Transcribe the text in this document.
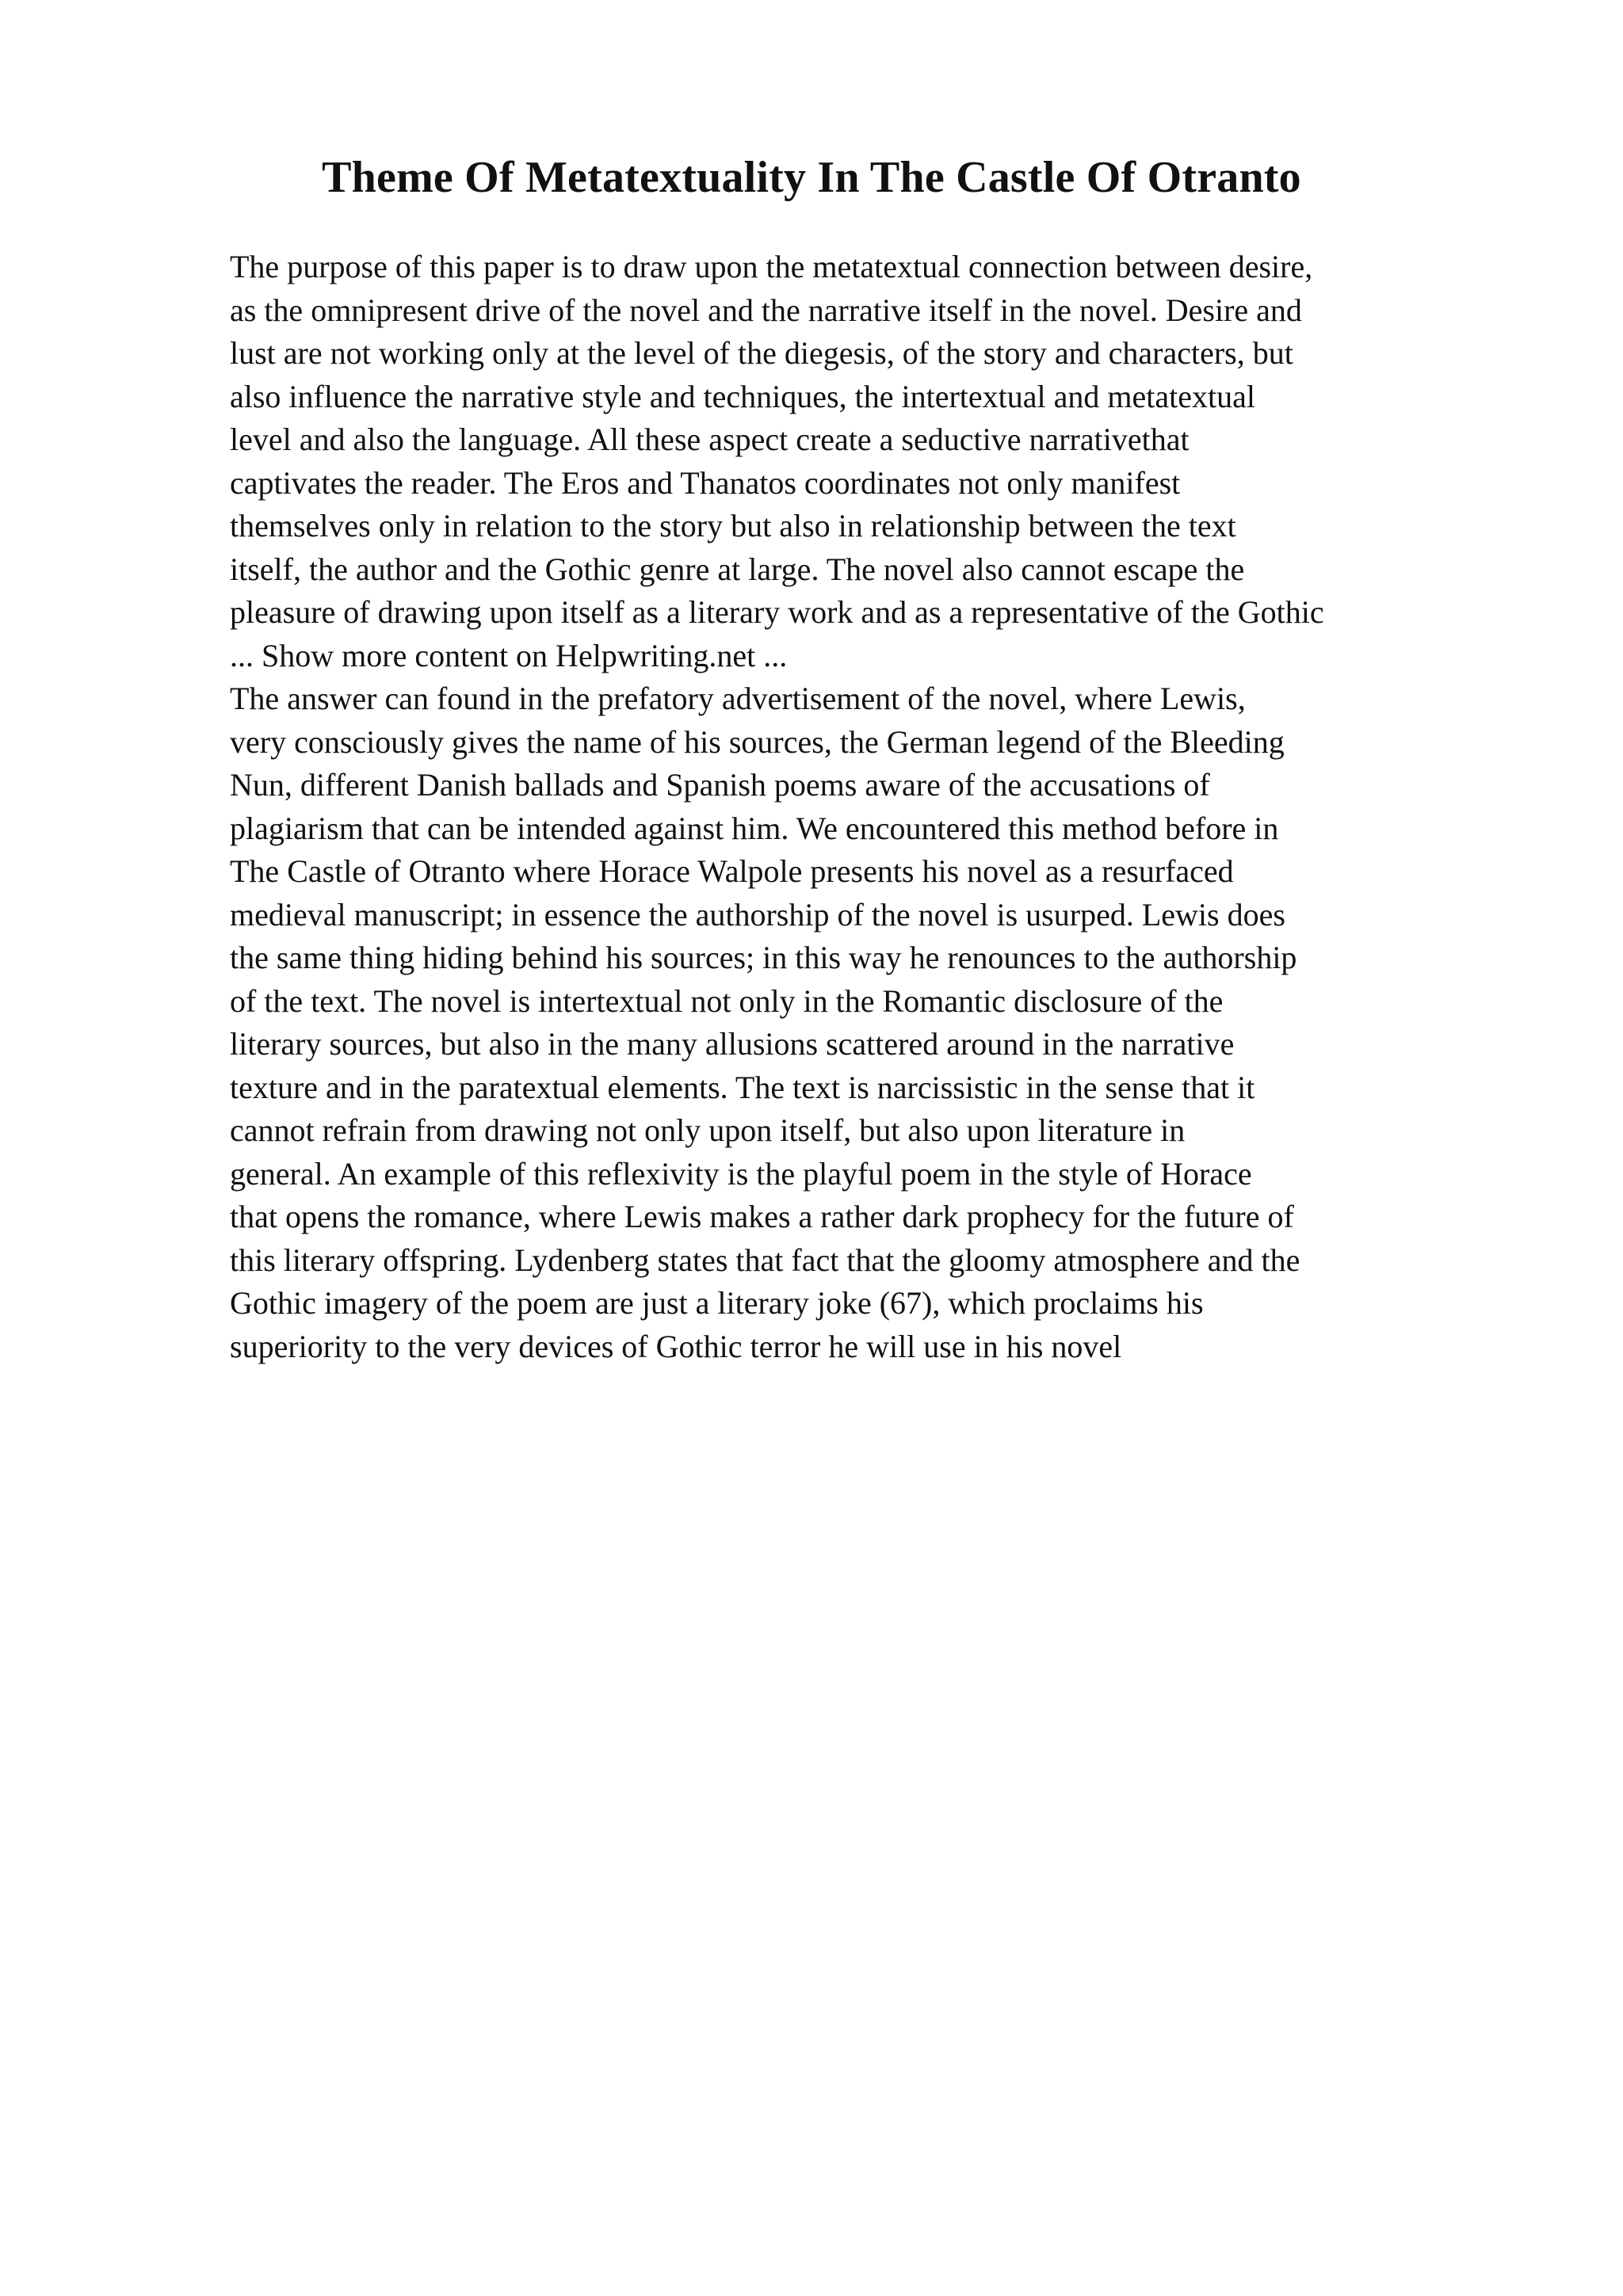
Theme Of Metatextuality In The Castle Of Otranto
The purpose of this paper is to draw upon the metatextual connection between desire,
as the omnipresent drive of the novel and the narrative itself in the novel. Desire and
lust are not working only at the level of the diegesis, of the story and characters, but
also influence the narrative style and techniques, the intertextual and metatextual
level and also the language. All these aspect create a seductive narrativethat
captivates the reader. The Eros and Thanatos coordinates not only manifest
themselves only in relation to the story but also in relationship between the text
itself, the author and the Gothic genre at large. The novel also cannot escape the
pleasure of drawing upon itself as a literary work and as a representative of the Gothic
... Show more content on Helpwriting.net ...
The answer can found in the prefatory advertisement of the novel, where Lewis,
very consciously gives the name of his sources, the German legend of the Bleeding
Nun, different Danish ballads and Spanish poems aware of the accusations of
plagiarism that can be intended against him. We encountered this method before in
The Castle of Otranto where Horace Walpole presents his novel as a resurfaced
medieval manuscript; in essence the authorship of the novel is usurped. Lewis does
the same thing hiding behind his sources; in this way he renounces to the authorship
of the text. The novel is intertextual not only in the Romantic disclosure of the
literary sources, but also in the many allusions scattered around in the narrative
texture and in the paratextual elements. The text is narcissistic in the sense that it
cannot refrain from drawing not only upon itself, but also upon literature in
general. An example of this reflexivity is the playful poem in the style of Horace
that opens the romance, where Lewis makes a rather dark prophecy for the future of
this literary offspring. Lydenberg states that fact that the gloomy atmosphere and the
Gothic imagery of the poem are just a literary joke (67), which proclaims his
superiority to the very devices of Gothic terror he will use in his novel
